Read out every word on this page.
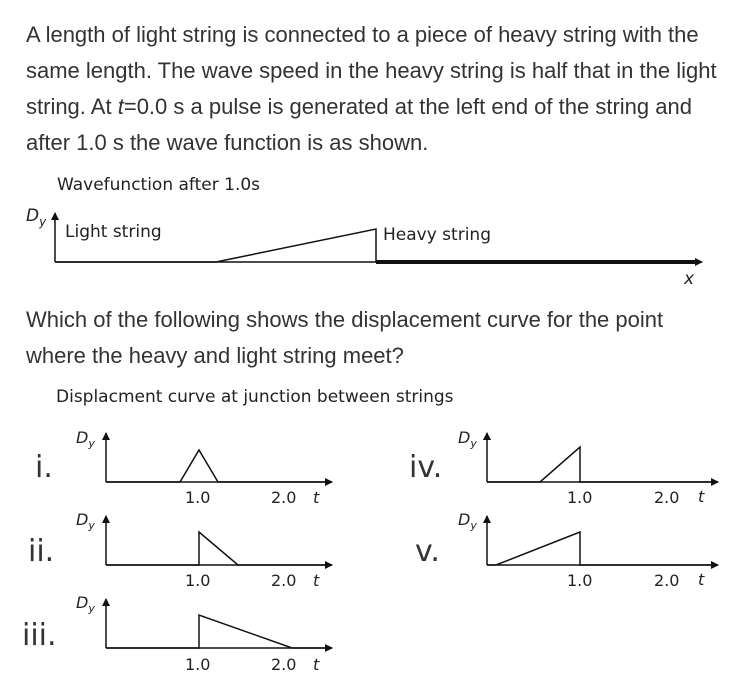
A length of light string is connected to a piece of heavy string with the same length. The wave speed in the heavy string is half that in the light string. At t=0.0 s a pulse is generated at the left end of the string and after 1.0 s the wave function is as shown.
Wavefunction after 1.0s
Which of the following shows the displacement curve for the point where the heavy and light string meet?
Displacment curve at junction between strings
$D_y$ Light string	Heavy string
x
i.
$D_y$
1.0	2.0 t
ii.
$D_y$
1.0	2.0 t
iii.
$D_y$
1.0	2.0 t
iv.
$D_y$
1.0	2.0 t
v.
$D_y$
1.0	2.0 t
